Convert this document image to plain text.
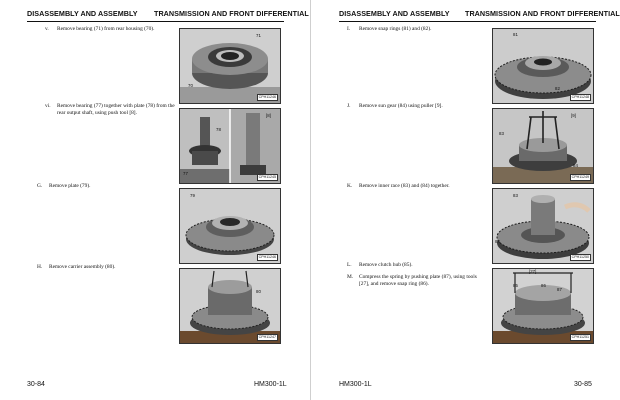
DISASSEMBLY AND ASSEMBLY TRANSMISSION AND FRONT DIFFERENTIAL
v. Remove bearing (71) from rear housing (70).
vi. Remove bearing (77) together with plate (78) from the rear output shaft, using push tool [8].
G. Remove plate (79).
H. Remove carrier assembly (80).
71
70
CPH11246
78
[8]
77
CPH11245
79
CPH11246
80
CPH11247
30-84	HM300-1L
DISASSEMBLY AND ASSEMBLY TRANSMISSION AND FRONT DIFFERENTIAL
I. Remove snap rings (81) and (82).
J. Remove sun gear (84) using puller [9].
K. Remove inner race (83) and (84) together.
L. Remove clutch hub (85).
M. Compress the spring by pushing plate (87), using tools [27], and remove snap ring (86).
81
82
CPH11248
[9]
83
84
CPH11249
83
84
CPH11250
[27]
85	86
87
CPH11251
HM300-1L	30-85
